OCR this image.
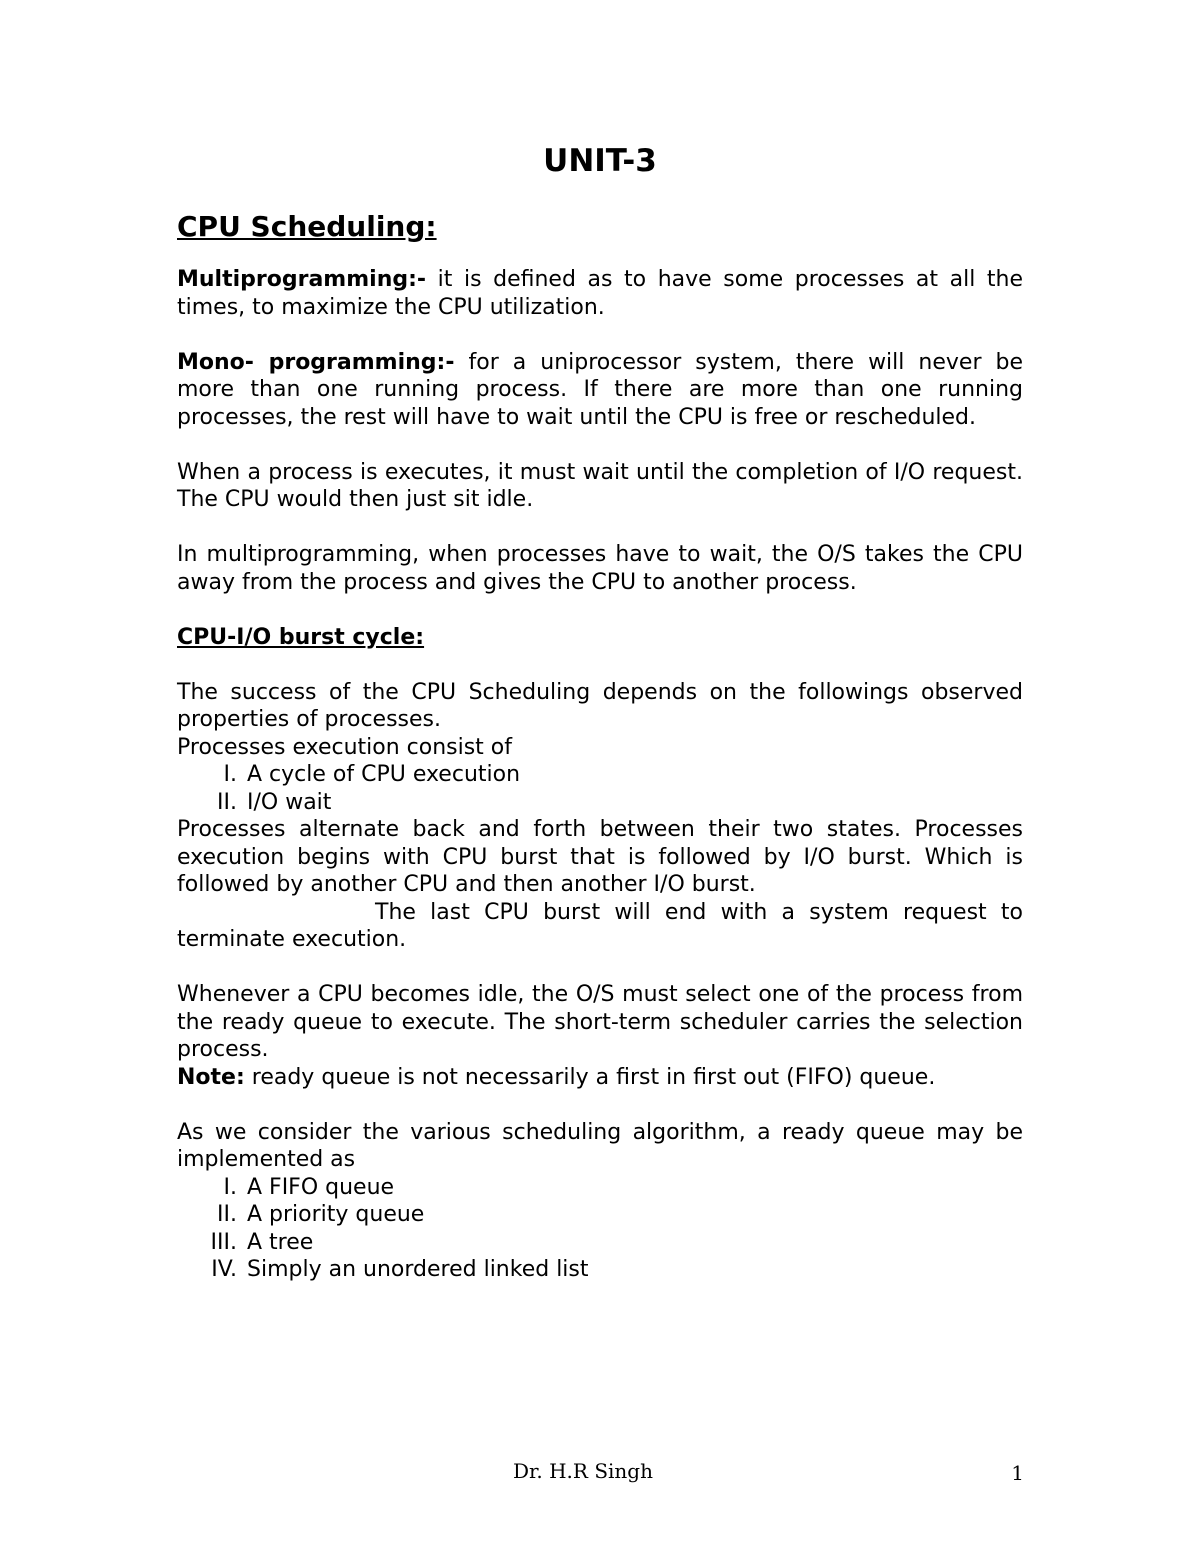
UNIT-3
CPU Scheduling:

Multiprogramming:- it is defined as to have some processes at all the times, to maximize the CPU utilization.

Mono- programming:- for a uniprocessor system, there will never be more than one running process. If there are more than one running processes, the rest will have to wait until the CPU is free or rescheduled.

When a process is executes, it must wait until the completion of I/O request. The CPU would then just sit idle.

In multiprogramming, when processes have to wait, the O/S takes the CPU away from the process and gives the CPU to another process.

CPU-I/O burst cycle:

The success of the CPU Scheduling depends on the followings observed properties of processes.

Processes execution consist of

I. A cycle of CPU execution
II. I/O wait

Processes alternate back and forth between their two states. Processes execution begins with CPU burst that is followed by I/O burst. Which is followed by another CPU and then another I/O burst.

The last CPU burst will end with a system request to terminate execution.

Whenever a CPU becomes idle, the O/S must select one of the process from the ready queue to execute. The short-term scheduler carries the selection process.

Note: ready queue is not necessarily a first in first out (FIFO) queue.

As we consider the various scheduling algorithm, a ready queue may be implemented as

I. A FIFO queue
II. A priority queue
III. A tree
IV. Simply an unordered linked list
Dr. H.R Singh	1
